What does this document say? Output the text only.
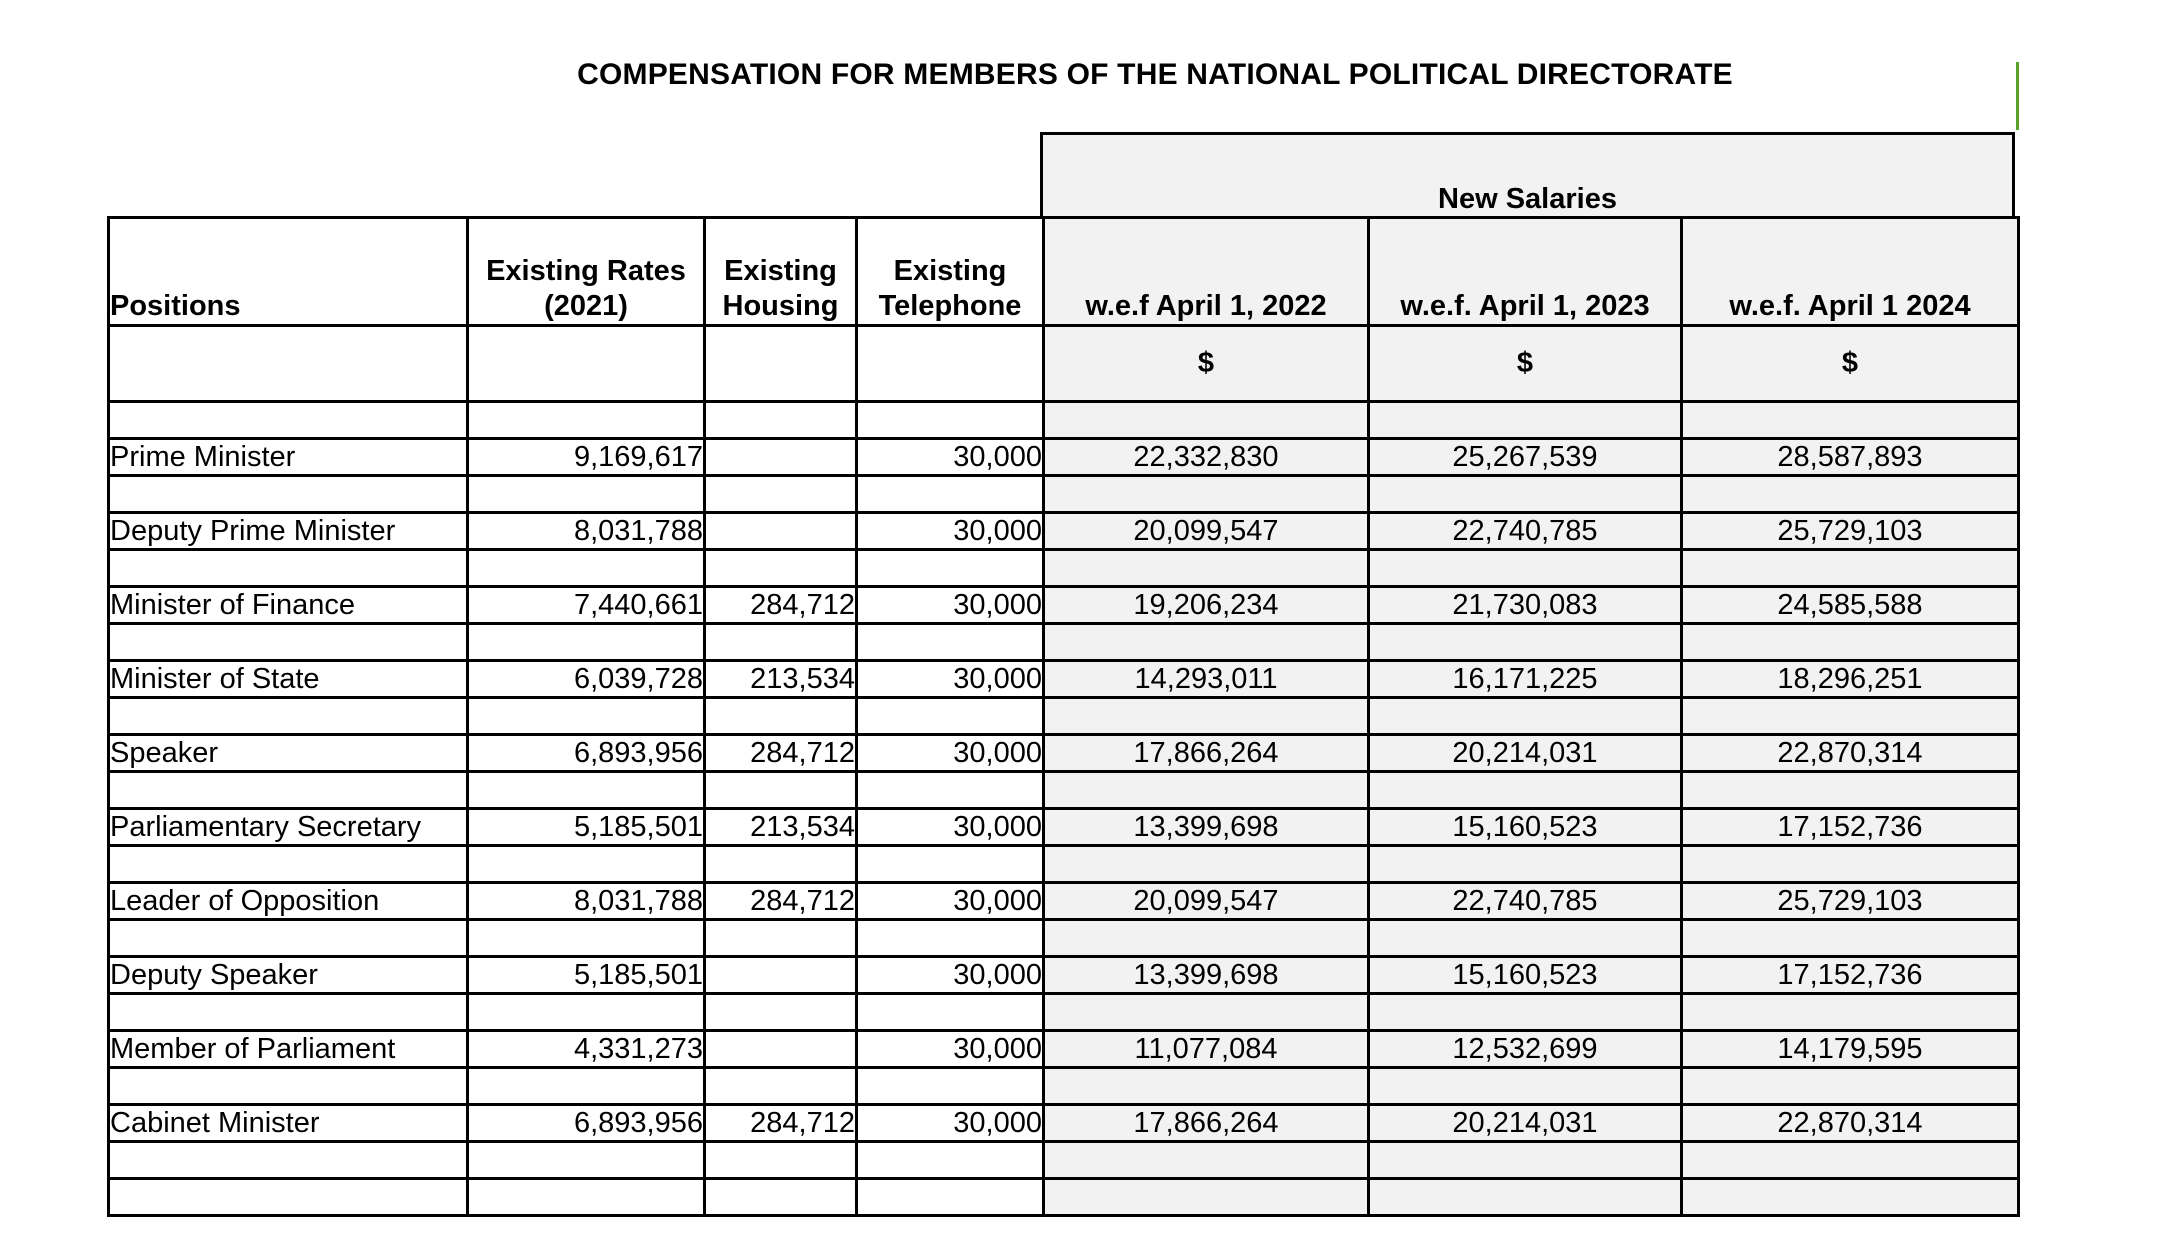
COMPENSATION FOR MEMBERS OF THE NATIONAL POLITICAL DIRECTORATE
New Salaries
Positions	Existing Rates (2021)	Existing Housing	Existing Telephone	w.e.f April 1, 2022	w.e.f. April 1, 2023	w.e.f. April 1 2024
				$	$	$

Prime Minister	9,169,617		30,000	22,332,830	25,267,539	28,587,893

Deputy Prime Minister	8,031,788		30,000	20,099,547	22,740,785	25,729,103

Minister of Finance	7,440,661	284,712	30,000	19,206,234	21,730,083	24,585,588

Minister of State	6,039,728	213,534	30,000	14,293,011	16,171,225	18,296,251

Speaker	6,893,956	284,712	30,000	17,866,264	20,214,031	22,870,314

Parliamentary Secretary	5,185,501	213,534	30,000	13,399,698	15,160,523	17,152,736

Leader of Opposition	8,031,788	284,712	30,000	20,099,547	22,740,785	25,729,103

Deputy Speaker	5,185,501		30,000	13,399,698	15,160,523	17,152,736

Member of Parliament	4,331,273		30,000	11,077,084	12,532,699	14,179,595

Cabinet Minister	6,893,956	284,712	30,000	17,866,264	20,214,031	22,870,314
